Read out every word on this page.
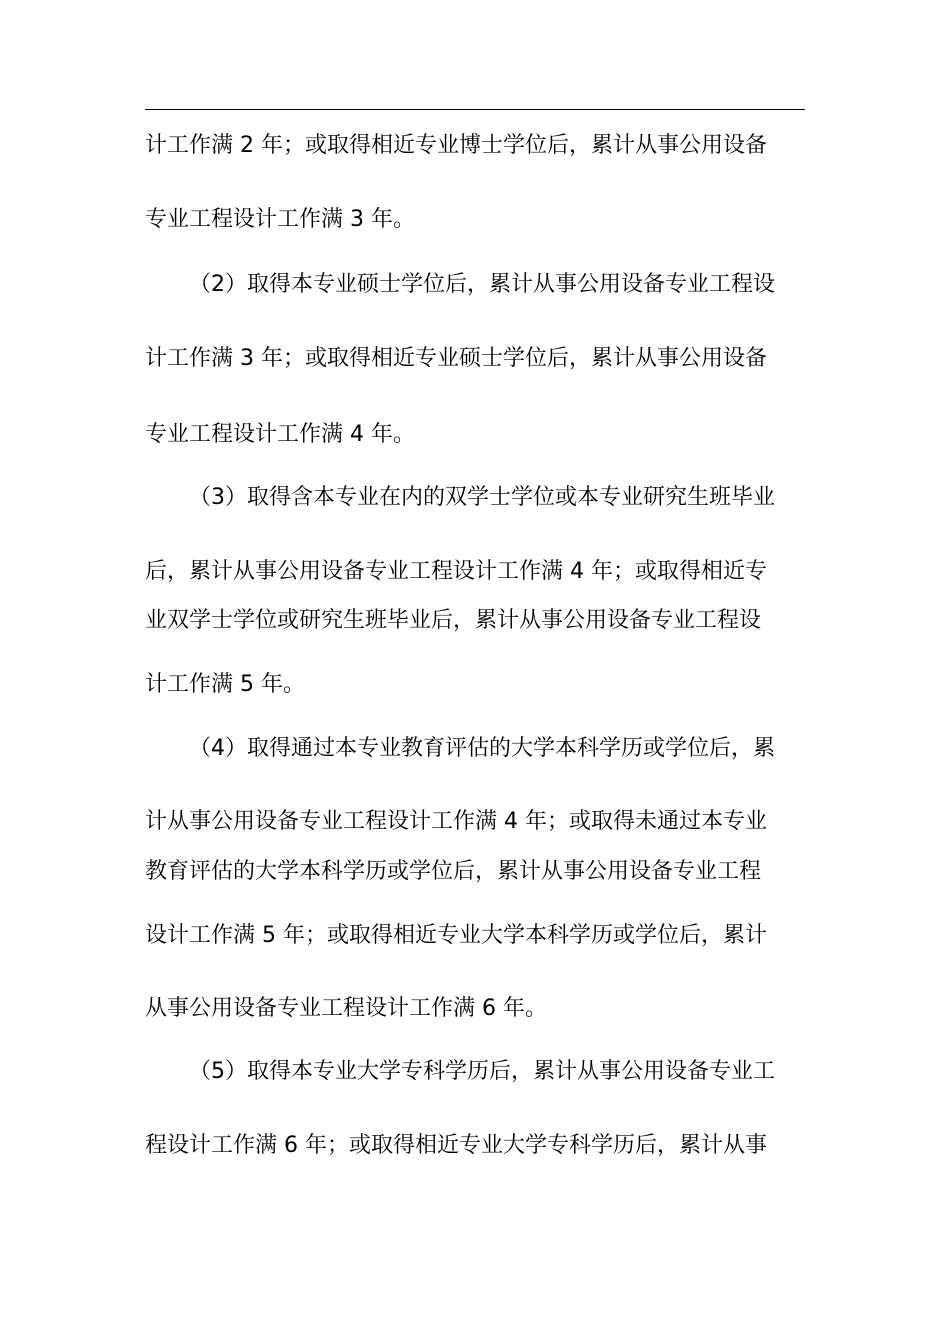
计工作满 2 年；或取得相近专业博士学位后，累计从事公用设备
专业工程设计工作满 3 年。
（2）取得本专业硕士学位后，累计从事公用设备专业工程设
计工作满 3 年；或取得相近专业硕士学位后，累计从事公用设备
专业工程设计工作满 4 年。
（3）取得含本专业在内的双学士学位或本专业研究生班毕业
后，累计从事公用设备专业工程设计工作满 4 年；或取得相近专
业双学士学位或研究生班毕业后，累计从事公用设备专业工程设
计工作满 5 年。
（4）取得通过本专业教育评估的大学本科学历或学位后，累
计从事公用设备专业工程设计工作满 4 年；或取得未通过本专业
教育评估的大学本科学历或学位后，累计从事公用设备专业工程
设计工作满 5 年；或取得相近专业大学本科学历或学位后，累计
从事公用设备专业工程设计工作满 6 年。
（5）取得本专业大学专科学历后，累计从事公用设备专业工
程设计工作满 6 年；或取得相近专业大学专科学历后，累计从事
